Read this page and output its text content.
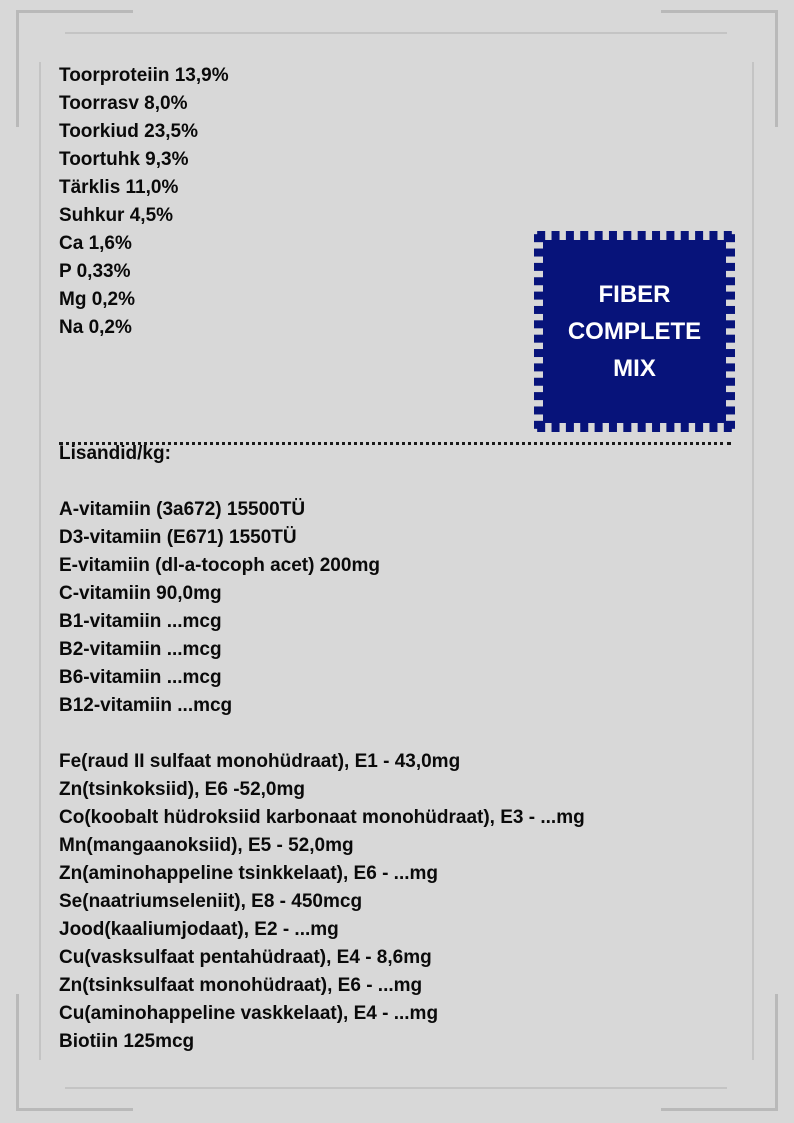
Toorproteiin 13,9%
Toorrasv 8,0%
Toorkiud 23,5%
Toortuhk 9,3%
Tärklis 11,0%
Suhkur 4,5%
Ca 1,6%
P 0,33%
Mg 0,2%
Na 0,2%
Lisandid/kg:
A-vitamiin (3a672) 15500TÜ
D3-vitamiin (E671) 1550TÜ
E-vitamiin (dl-a-tocoph acet) 200mg
C-vitamiin 90,0mg
B1-vitamiin ...mcg
B2-vitamiin ...mcg
B6-vitamiin ...mcg
B12-vitamiin ...mcg
Fe(raud II sulfaat monohüdraat), E1 - 43,0mg
Zn(tsinkoksiid), E6 -52,0mg
Co(koobalt hüdroksiid karbonaat monohüdraat), E3 - ...mg
Mn(mangaanoksiid), E5 - 52,0mg
Zn(aminohappeline tsinkkelaat), E6 - ...mg
Se(naatriumseleniit), E8 - 450mcg
Jood(kaaliumjodaat), E2 - ...mg
Cu(vasksulfaat pentahüdraat), E4 - 8,6mg
Zn(tsinksulfaat monohüdraat), E6 - ...mg
Cu(aminohappeline vaskkelaat), E4 - ...mg
Biotiin 125mcg
FIBER
COMPLETE
MIX
